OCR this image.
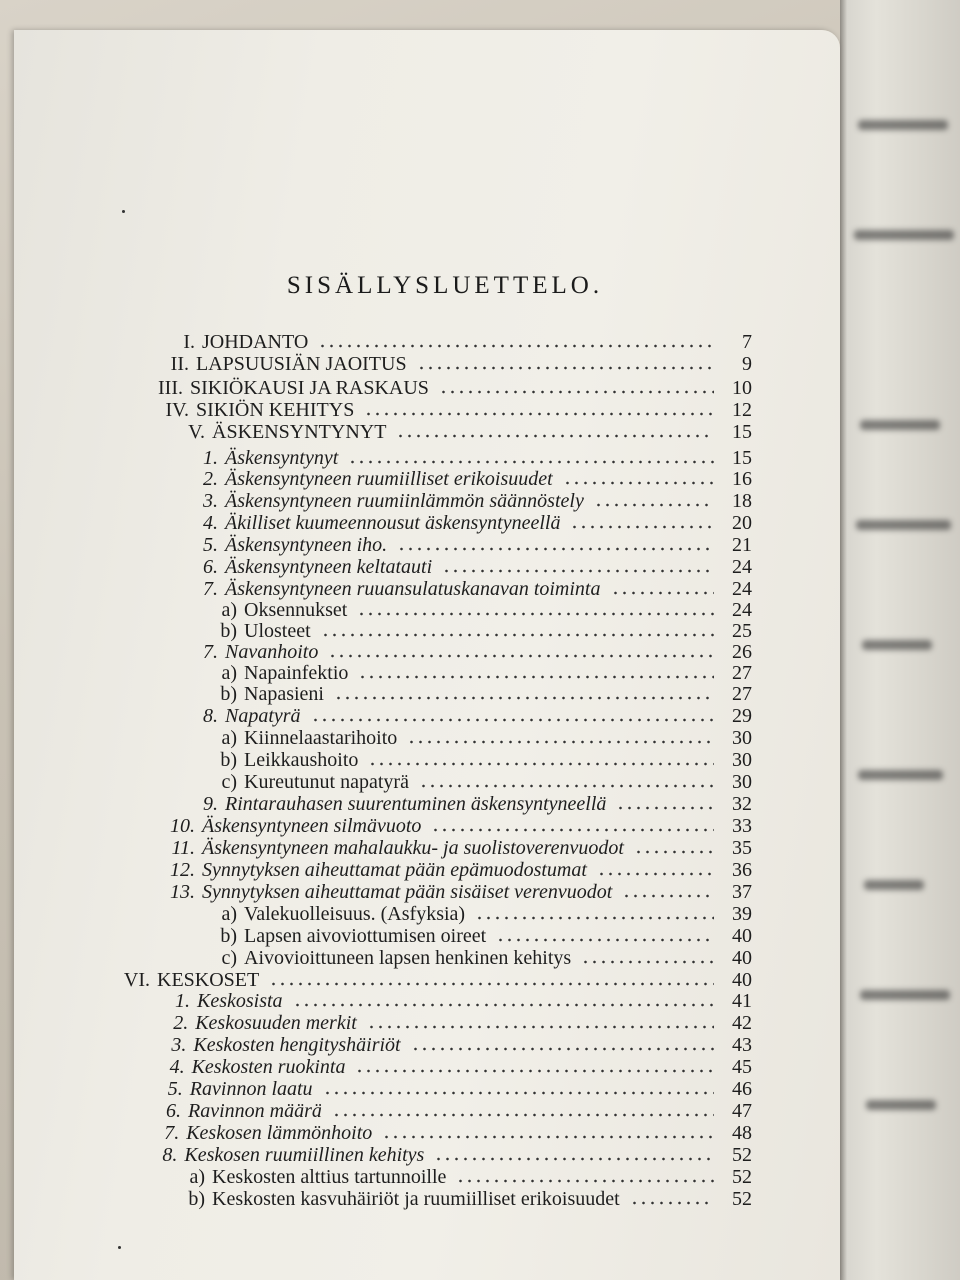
SISÄLLYSLUETTELO.
I. JOHDANTO	7
II. LAPSUUSIÄN JAOITUS	9
III. SIKIÖKAUSI JA RASKAUS	10
IV. SIKIÖN KEHITYS	12
V. ÄSKENSYNTYNYT	15
1. Äskensyntynyt	15
2. Äskensyntyneen ruumiilliset erikoisuudet	16
3. Äskensyntyneen ruumiinlämmön säännöstely	18
4. Äkilliset kuumeennousut äskensyntyneellä	20
5. Äskensyntyneen iho.	21
6. Äskensyntyneen keltatauti	24
7. Äskensyntyneen ruuansulatuskanavan toiminta	24
a) Oksennukset	24
b) Ulosteet	25
7. Navanhoito	26
a) Napainfektio	27
b) Napasieni	27
8. Napatyrä	29
a) Kiinnelaastarihoito	30
b) Leikkaushoito	30
c) Kureutunut napatyrä	30
9. Rintarauhasen suurentuminen äskensyntyneellä	32
10. Äskensyntyneen silmävuoto	33
11. Äskensyntyneen mahalaukku- ja suolistoverenvuodot	35
12. Synnytyksen aiheuttamat pään epämuodostumat	36
13. Synnytyksen aiheuttamat pään sisäiset verenvuodot	37
a) Valekuolleisuus. (Asfyksia)	39
b) Lapsen aivoviottumisen oireet	40
c) Aivovioittuneen lapsen henkinen kehitys	40
VI. KESKOSET	40
1. Keskosista	41
2. Keskosuuden merkit	42
3. Keskosten hengityshäiriöt	43
4. Keskosten ruokinta	45
5. Ravinnon laatu	46
6. Ravinnon määrä	47
7. Keskosen lämmönhoito	48
8. Keskosen ruumiillinen kehitys	52
a) Keskosten alttius tartunnoille	52
b) Keskosten kasvuhäiriöt ja ruumiilliset erikoisuudet	52
